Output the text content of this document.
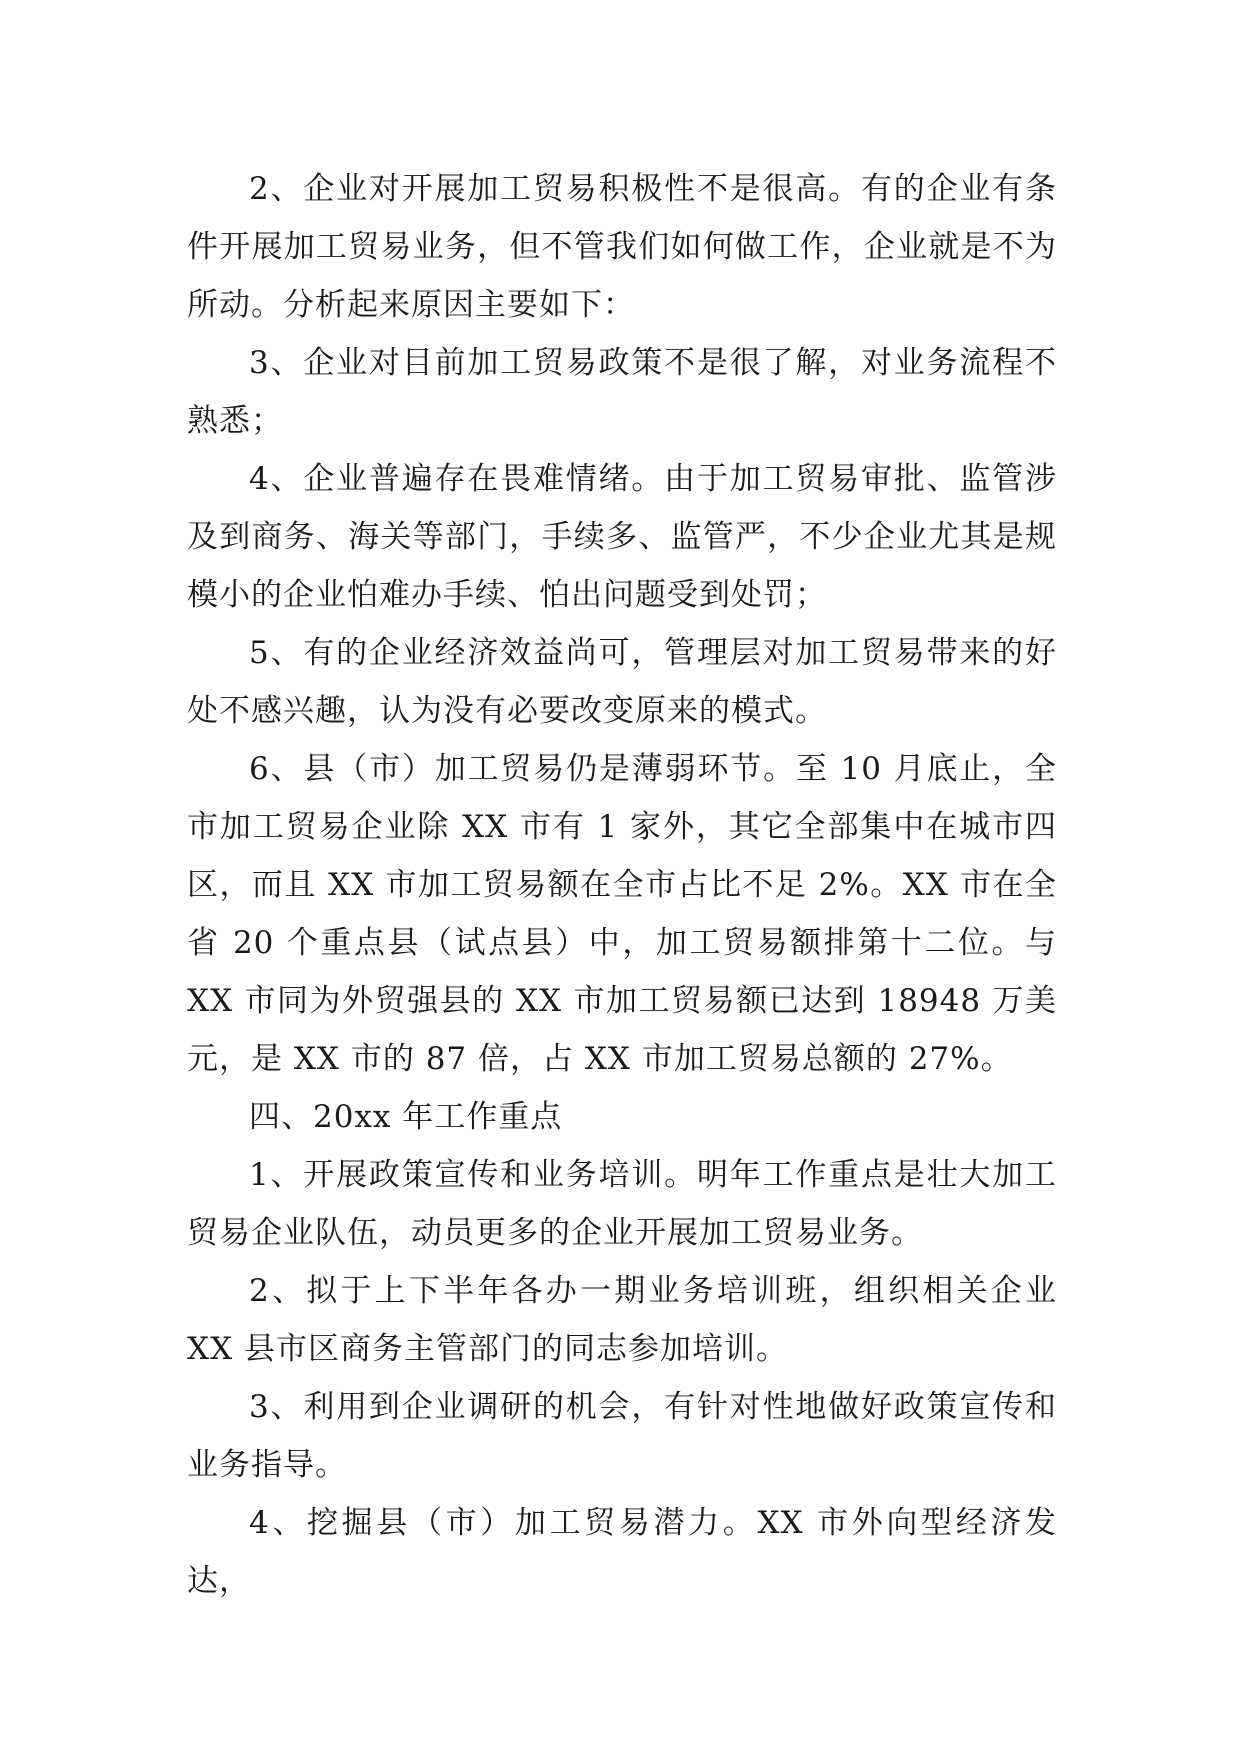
2、企业对开展加工贸易积极性不是很高。有的企业有条件开展加工贸易业务，但不管我们如何做工作，企业就是不为所动。分析起来原因主要如下：

3、企业对目前加工贸易政策不是很了解，对业务流程不熟悉；

4、企业普遍存在畏难情绪。由于加工贸易审批、监管涉及到商务、海关等部门，手续多、监管严，不少企业尤其是规模小的企业怕难办手续、怕出问题受到处罚；

5、有的企业经济效益尚可，管理层对加工贸易带来的好处不感兴趣，认为没有必要改变原来的模式。

6、县（市）加工贸易仍是薄弱环节。至 10 月底止，全市加工贸易企业除 XX 市有 1 家外，其它全部集中在城市四区，而且 XX 市加工贸易额在全市占比不足 2%。XX 市在全省 20 个重点县（试点县）中，加工贸易额排第十二位。与 XX 市同为外贸强县的 XX 市加工贸易额已达到 18948 万美元，是 XX 市的 87 倍，占 XX 市加工贸易总额的 27%。

四、20xx 年工作重点

1、开展政策宣传和业务培训。明年工作重点是壮大加工贸易企业队伍，动员更多的企业开展加工贸易业务。

2、拟于上下半年各办一期业务培训班，组织相关企业 XX 县市区商务主管部门的同志参加培训。

3、利用到企业调研的机会，有针对性地做好政策宣传和业务指导。

4、挖掘县（市）加工贸易潜力。XX 市外向型经济发达，
